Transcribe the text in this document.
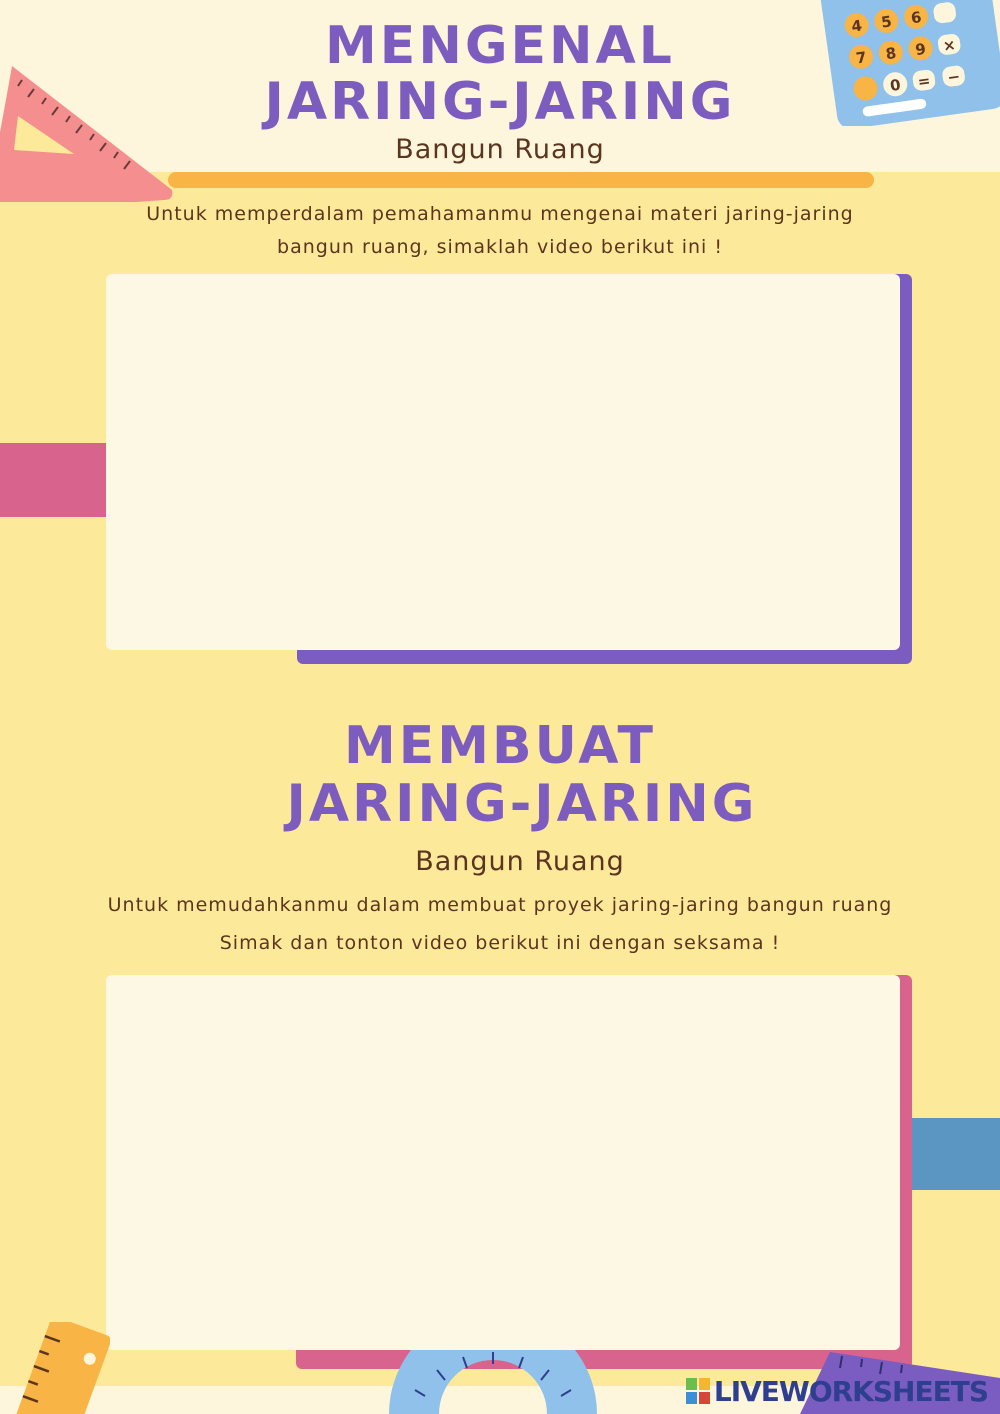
4 5 6
7 8 9
0 =
×
−
MENGENAL
JARING-JARING
Bangun Ruang
Untuk memperdalam pemahamanmu mengenai materi jaring-jaring
bangun ruang, simaklah video berikut ini !
MEMBUAT
JARING-JARING
Bangun Ruang
Untuk memudahkanmu dalam membuat proyek jaring-jaring bangun ruang
Simak dan tonton video berikut ini dengan seksama !
LIVEWORKSHEETS
